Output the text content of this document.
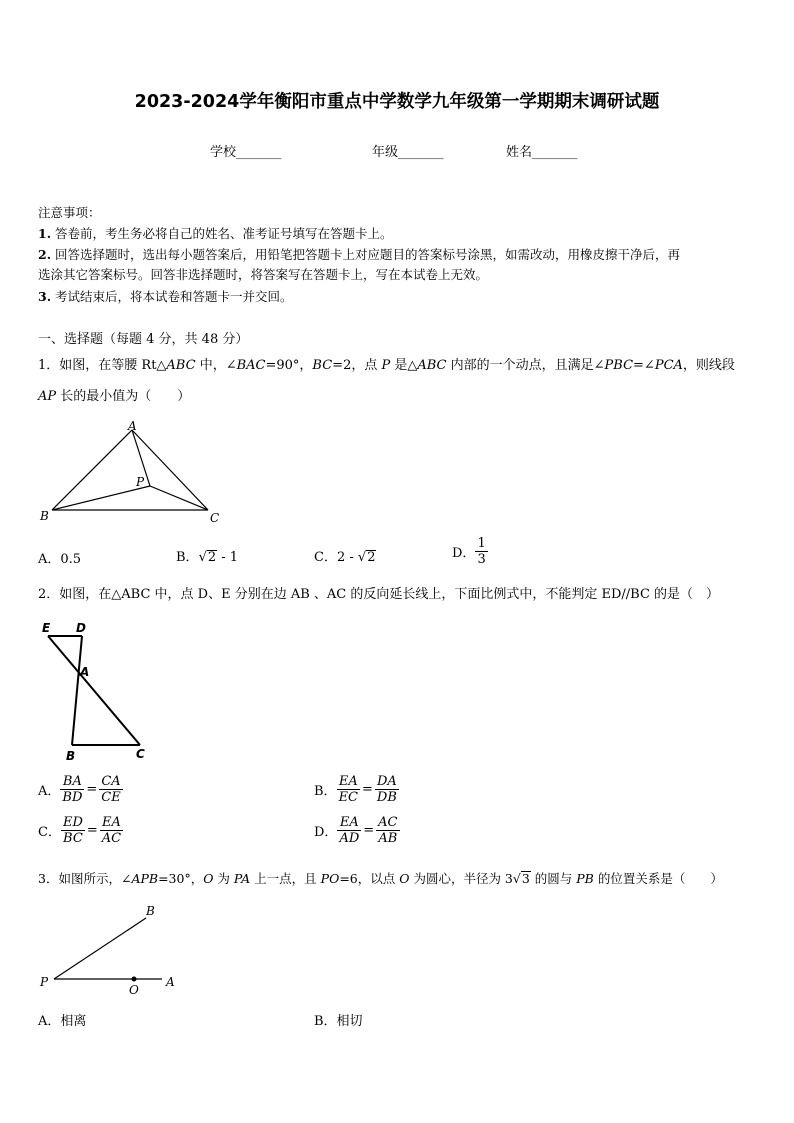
2023-2024学年衡阳市重点中学数学九年级第一学期期末调研试题
学校_______	年级_______	姓名_______
注意事项：
1. 答卷前，考生务必将自己的姓名、准考证号填写在答题卡上。
2. 回答选择题时，选出每小题答案后，用铅笔把答题卡上对应题目的答案标号涂黑，如需改动，用橡皮擦干净后，再
选涂其它答案标号。回答非选择题时，将答案写在答题卡上，写在本试卷上无效。
3. 考试结束后，将本试卷和答题卡一并交回。
一、选择题（每题 4 分，共 48 分）
1．如图，在等腰 Rt△ABC 中，∠BAC=90°，BC=2，点 P 是△ABC 内部的一个动点，且满足∠PBC=∠PCA，则线段
AP 长的最小值为（　　）
A
B	C
P
A．0.5	B．√2 - 1	C．2 - √2	D． $\frac{1}{3}$
2．如图，在△ABC 中，点 D、E 分别在边 AB 、AC 的反向延长线上，下面比例式中，不能判定 ED//BC 的是（　）
E D
A
B	C
A． $\frac{BA}{BD} = \frac{CA}{CE}$	B． $\frac{EA}{EC} = \frac{DA}{DB}$
C． $\frac{ED}{BC} = \frac{EA}{AC}$	D． $\frac{EA}{AD} = \frac{AC}{AB}$
3．如图所示，∠APB=30°，O 为 PA 上一点，且 PO=6，以点 O 为圆心，半径为 3√3 的圆与 PB 的位置关系是（　　）
B
P
O
A
A．相离	B．相切
